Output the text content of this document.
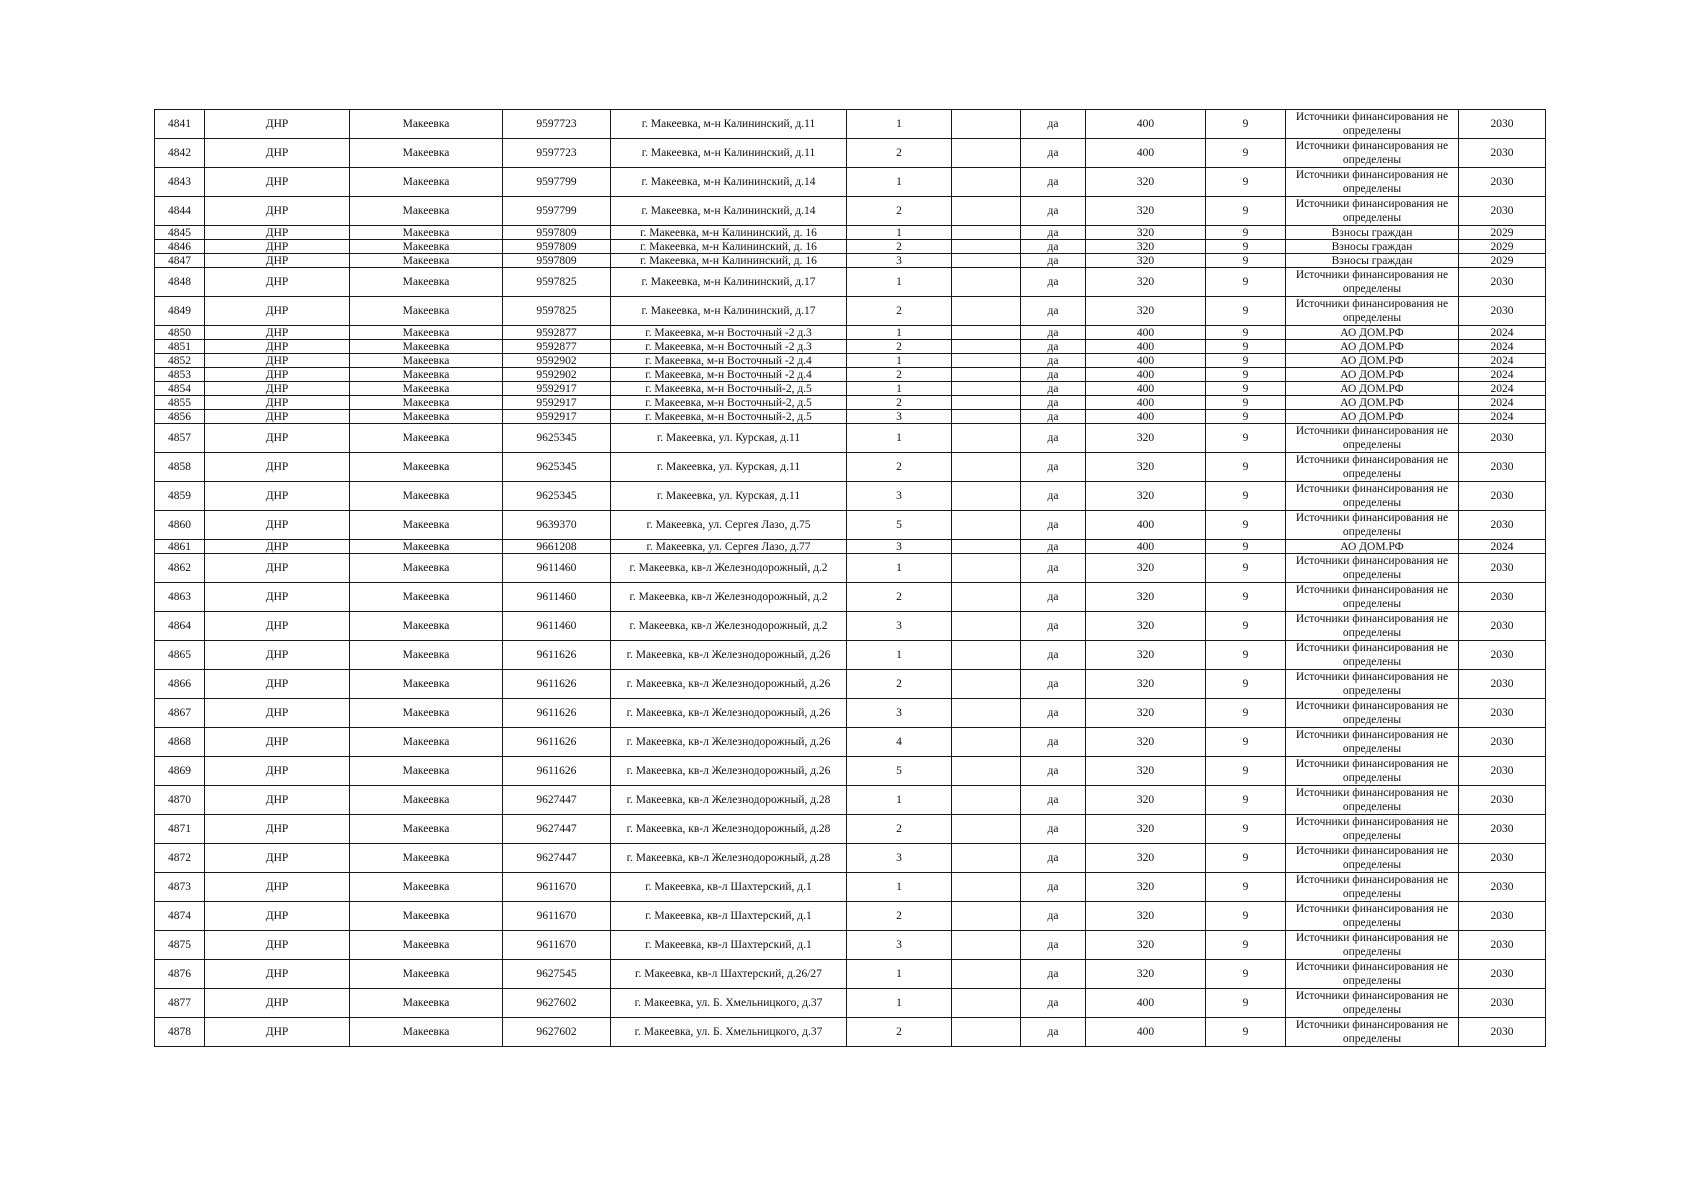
4841	ДНР	Макеевка	9597723	г. Макеевка, м-н Калининский, д.11	1		да	400	9	Источники финансирования не определены	2030
4842	ДНР	Макеевка	9597723	г. Макеевка, м-н Калининский, д.11	2		да	400	9	Источники финансирования не определены	2030
4843	ДНР	Макеевка	9597799	г. Макеевка, м-н Калининский, д.14	1		да	320	9	Источники финансирования не определены	2030
4844	ДНР	Макеевка	9597799	г. Макеевка, м-н Калининский, д.14	2		да	320	9	Источники финансирования не определены	2030
4845	ДНР	Макеевка	9597809	г. Макеевка, м-н Калининский, д. 16	1		да	320	9	Взносы граждан	2029
4846	ДНР	Макеевка	9597809	г. Макеевка, м-н Калининский, д. 16	2		да	320	9	Взносы граждан	2029
4847	ДНР	Макеевка	9597809	г. Макеевка, м-н Калининский, д. 16	3		да	320	9	Взносы граждан	2029
4848	ДНР	Макеевка	9597825	г. Макеевка, м-н Калининский, д.17	1		да	320	9	Источники финансирования не определены	2030
4849	ДНР	Макеевка	9597825	г. Макеевка, м-н Калининский, д.17	2		да	320	9	Источники финансирования не определены	2030
4850	ДНР	Макеевка	9592877	г. Макеевка, м-н Восточный -2 д.3	1		да	400	9	АО ДОМ.РФ	2024
4851	ДНР	Макеевка	9592877	г. Макеевка, м-н Восточный -2 д.3	2		да	400	9	АО ДОМ.РФ	2024
4852	ДНР	Макеевка	9592902	г. Макеевка, м-н Восточный -2 д.4	1		да	400	9	АО ДОМ.РФ	2024
4853	ДНР	Макеевка	9592902	г. Макеевка, м-н Восточный -2 д.4	2		да	400	9	АО ДОМ.РФ	2024
4854	ДНР	Макеевка	9592917	г. Макеевка, м-н Восточный-2, д.5	1		да	400	9	АО ДОМ.РФ	2024
4855	ДНР	Макеевка	9592917	г. Макеевка, м-н Восточный-2, д.5	2		да	400	9	АО ДОМ.РФ	2024
4856	ДНР	Макеевка	9592917	г. Макеевка, м-н Восточный-2, д.5	3		да	400	9	АО ДОМ.РФ	2024
4857	ДНР	Макеевка	9625345	г. Макеевка, ул. Курская, д.11	1		да	320	9	Источники финансирования не определены	2030
4858	ДНР	Макеевка	9625345	г. Макеевка, ул. Курская, д.11	2		да	320	9	Источники финансирования не определены	2030
4859	ДНР	Макеевка	9625345	г. Макеевка, ул. Курская, д.11	3		да	320	9	Источники финансирования не определены	2030
4860	ДНР	Макеевка	9639370	г. Макеевка, ул. Сергея Лазо, д.75	5		да	400	9	Источники финансирования не определены	2030
4861	ДНР	Макеевка	9661208	г. Макеевка, ул. Сергея Лазо, д.77	3		да	400	9	АО ДОМ.РФ	2024
4862	ДНР	Макеевка	9611460	г. Макеевка, кв-л Железнодорожный, д.2	1		да	320	9	Источники финансирования не определены	2030
4863	ДНР	Макеевка	9611460	г. Макеевка, кв-л Железнодорожный, д.2	2		да	320	9	Источники финансирования не определены	2030
4864	ДНР	Макеевка	9611460	г. Макеевка, кв-л Железнодорожный, д.2	3		да	320	9	Источники финансирования не определены	2030
4865	ДНР	Макеевка	9611626	г. Макеевка, кв-л Железнодорожный, д.26	1		да	320	9	Источники финансирования не определены	2030
4866	ДНР	Макеевка	9611626	г. Макеевка, кв-л Железнодорожный, д.26	2		да	320	9	Источники финансирования не определены	2030
4867	ДНР	Макеевка	9611626	г. Макеевка, кв-л Железнодорожный, д.26	3		да	320	9	Источники финансирования не определены	2030
4868	ДНР	Макеевка	9611626	г. Макеевка, кв-л Железнодорожный, д.26	4		да	320	9	Источники финансирования не определены	2030
4869	ДНР	Макеевка	9611626	г. Макеевка, кв-л Железнодорожный, д.26	5		да	320	9	Источники финансирования не определены	2030
4870	ДНР	Макеевка	9627447	г. Макеевка, кв-л Железнодорожный, д.28	1		да	320	9	Источники финансирования не определены	2030
4871	ДНР	Макеевка	9627447	г. Макеевка, кв-л Железнодорожный, д.28	2		да	320	9	Источники финансирования не определены	2030
4872	ДНР	Макеевка	9627447	г. Макеевка, кв-л Железнодорожный, д.28	3		да	320	9	Источники финансирования не определены	2030
4873	ДНР	Макеевка	9611670	г. Макеевка, кв-л Шахтерский, д.1	1		да	320	9	Источники финансирования не определены	2030
4874	ДНР	Макеевка	9611670	г. Макеевка, кв-л Шахтерский, д.1	2		да	320	9	Источники финансирования не определены	2030
4875	ДНР	Макеевка	9611670	г. Макеевка, кв-л Шахтерский, д.1	3		да	320	9	Источники финансирования не определены	2030
4876	ДНР	Макеевка	9627545	г. Макеевка, кв-л Шахтерский, д.26/27	1		да	320	9	Источники финансирования не определены	2030
4877	ДНР	Макеевка	9627602	г. Макеевка, ул. Б. Хмельницкого, д.37	1		да	400	9	Источники финансирования не определены	2030
4878	ДНР	Макеевка	9627602	г. Макеевка, ул. Б. Хмельницкого, д.37	2		да	400	9	Источники финансирования не определены	2030
